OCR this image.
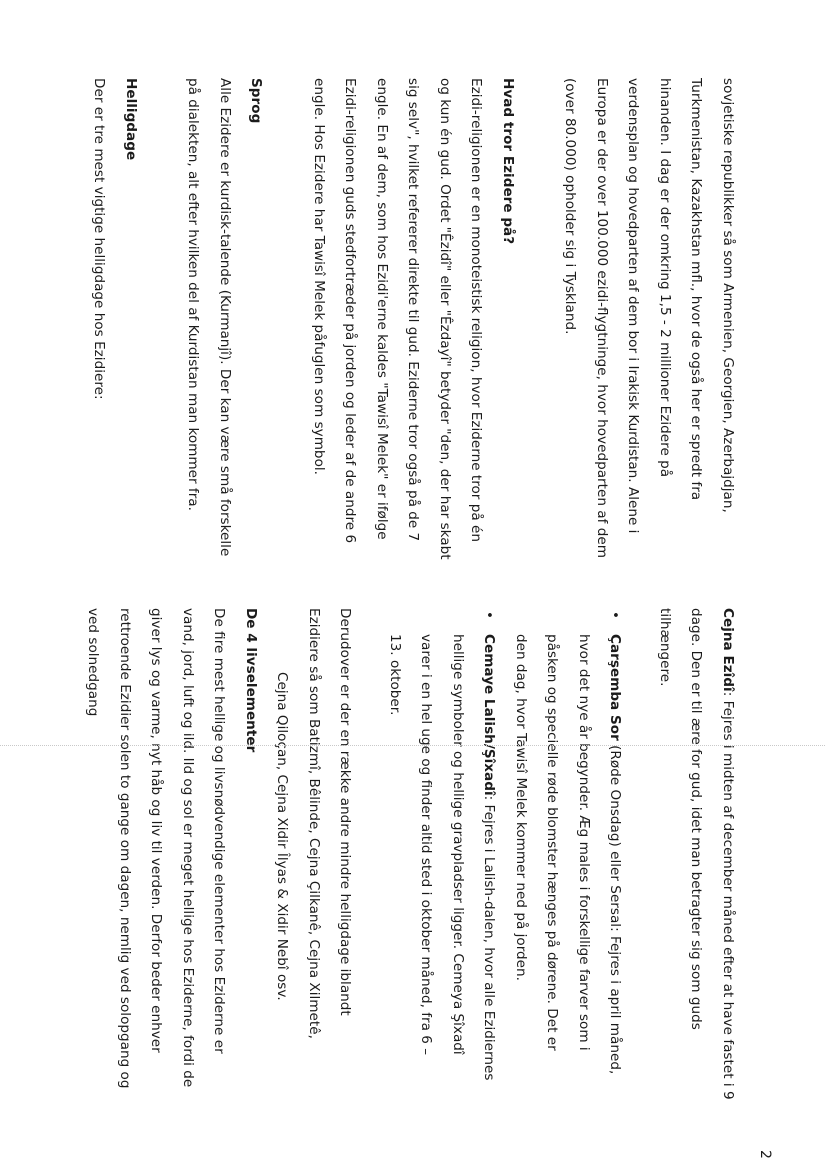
2

sovjetiske republikker så som Armenien, Georgien, Azerbajdjan,

Turkmenistan, Kazakhstan mfl., hvor de også her er spredt fra

hinanden. I dag er der omkring 1,5 - 2 millioner Ezidere på

verdensplan og hovedparten af dem bor i Irakisk Kurdistan. Alene i

Europa er der over 100.000 ezidi-flygtninge, hvor hovedparten af dem

(over 80.000) opholder sig i Tyskland.

Hvad tror Ezidere på?

Ezidi-religionen er en monoteistisk religion, hvor Eziderne tror på én

og kun én gud. Ordet "Êzidî" eller "Êzdayî" betyder "den, der har skabt

sig selv", hvilket refererer direkte til gud. Eziderne tror også på de 7

engle. En af dem, som hos Ezidi'erne kaldes "Tawisî Melek" er ifølge

Ezidi-religionen guds stedfortræder på jorden og leder af de andre 6

engle. Hos Ezidere har Tawisî Melek påfuglen som symbol.

Sprog

Alle Ezidere er kurdisk-talende (Kurmanjî). Der kan være små forskelle

på dialekten, alt efter hvilken del af Kurdistan man kommer fra.

Helligdage

Der er tre mest vigtige helligdage hos Ezidiere:

Cejna Ezîdî: Fejres i midten af december måned efter at have fastet i 9

dage. Den er til ære for gud, idet man betragter sig som guds

tilhængere.

•

Çarşemba Sor (Røde Onsdag) eller Sersal: Fejres i april måned,

hvor det nye år begynder. Æg males i forskellige farver som i

påsken og specielle røde blomster hænges på dørene. Det er

den dag, hvor Tawisî Melek kommer ned på jorden.

•

Cemaye Lalish/Şîxadî: Fejres i Lalish-dalen, hvor alle Ezidiernes

hellige symboler og hellige gravpladser ligger. Cemeya Şîxadî

varer i en hel uge og finder altid sted i oktober måned, fra 6 –

13. oktober.

Derudover er der en række andre mindre helligdage iblandt

Ezidiere så som Batizmî, Bêlinde, Cejna Çilkanê, Cejna Xilmetê,

Cejna Qiloçan, Cejna Xidir Îlyas & Xidir Nebî osv.

De 4 livselementer

De fire mest hellige og livsnødvendige elementer hos Eziderne er

vand, jord, luft og ild. Ild og sol er meget hellige hos Eziderne, fordi de

giver lys og varme, nyt håb og liv til verden. Derfor beder enhver

rettroende Ezidier solen to gange om dagen, nemlig ved solopgang og

ved solnedgang
